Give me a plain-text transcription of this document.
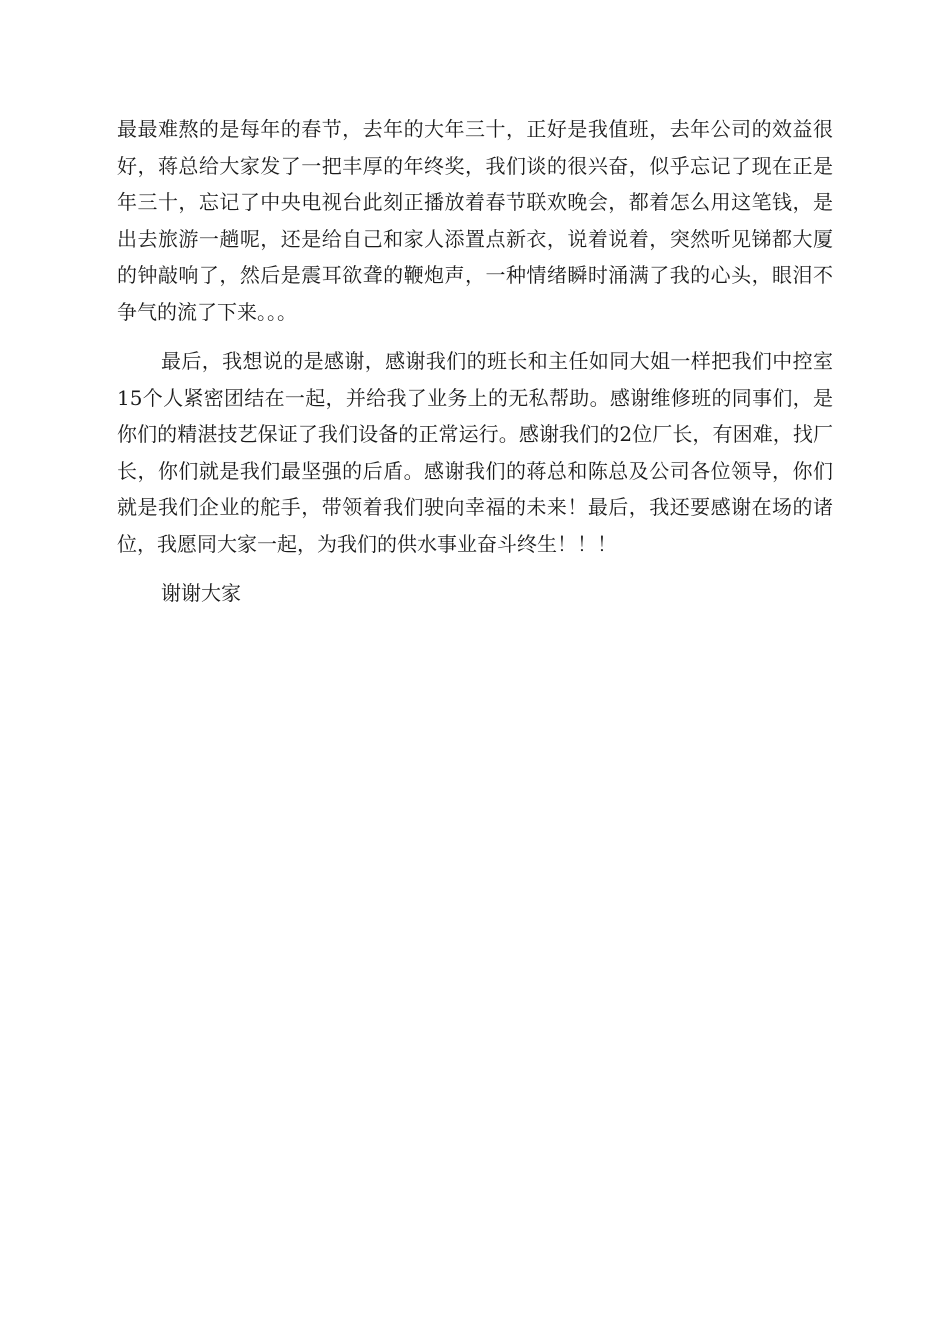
最最难熬的是每年的春节，去年的大年三十，正好是我值班，去年公司的效益很好，蒋总给大家发了一把丰厚的年终奖，我们谈的很兴奋，似乎忘记了现在正是年三十，忘记了中央电视台此刻正播放着春节联欢晚会，都着怎么用这笔钱，是出去旅游一趟呢，还是给自己和家人添置点新衣，说着说着，突然听见锑都大厦的钟敲响了，然后是震耳欲聋的鞭炮声，一种情绪瞬时涌满了我的心头，眼泪不争气的流了下来。。。

最后，我想说的是感谢，感谢我们的班长和主任如同大姐一样把我们中控室15个人紧密团结在一起，并给我了业务上的无私帮助。感谢维修班的同事们，是你们的精湛技艺保证了我们设备的正常运行。感谢我们的2位厂长，有困难，找厂长，你们就是我们最坚强的后盾。感谢我们的蒋总和陈总及公司各位领导，你们就是我们企业的舵手，带领着我们驶向幸福的未来！最后，我还要感谢在场的诸位，我愿同大家一起，为我们的供水事业奋斗终生！！！

谢谢大家
